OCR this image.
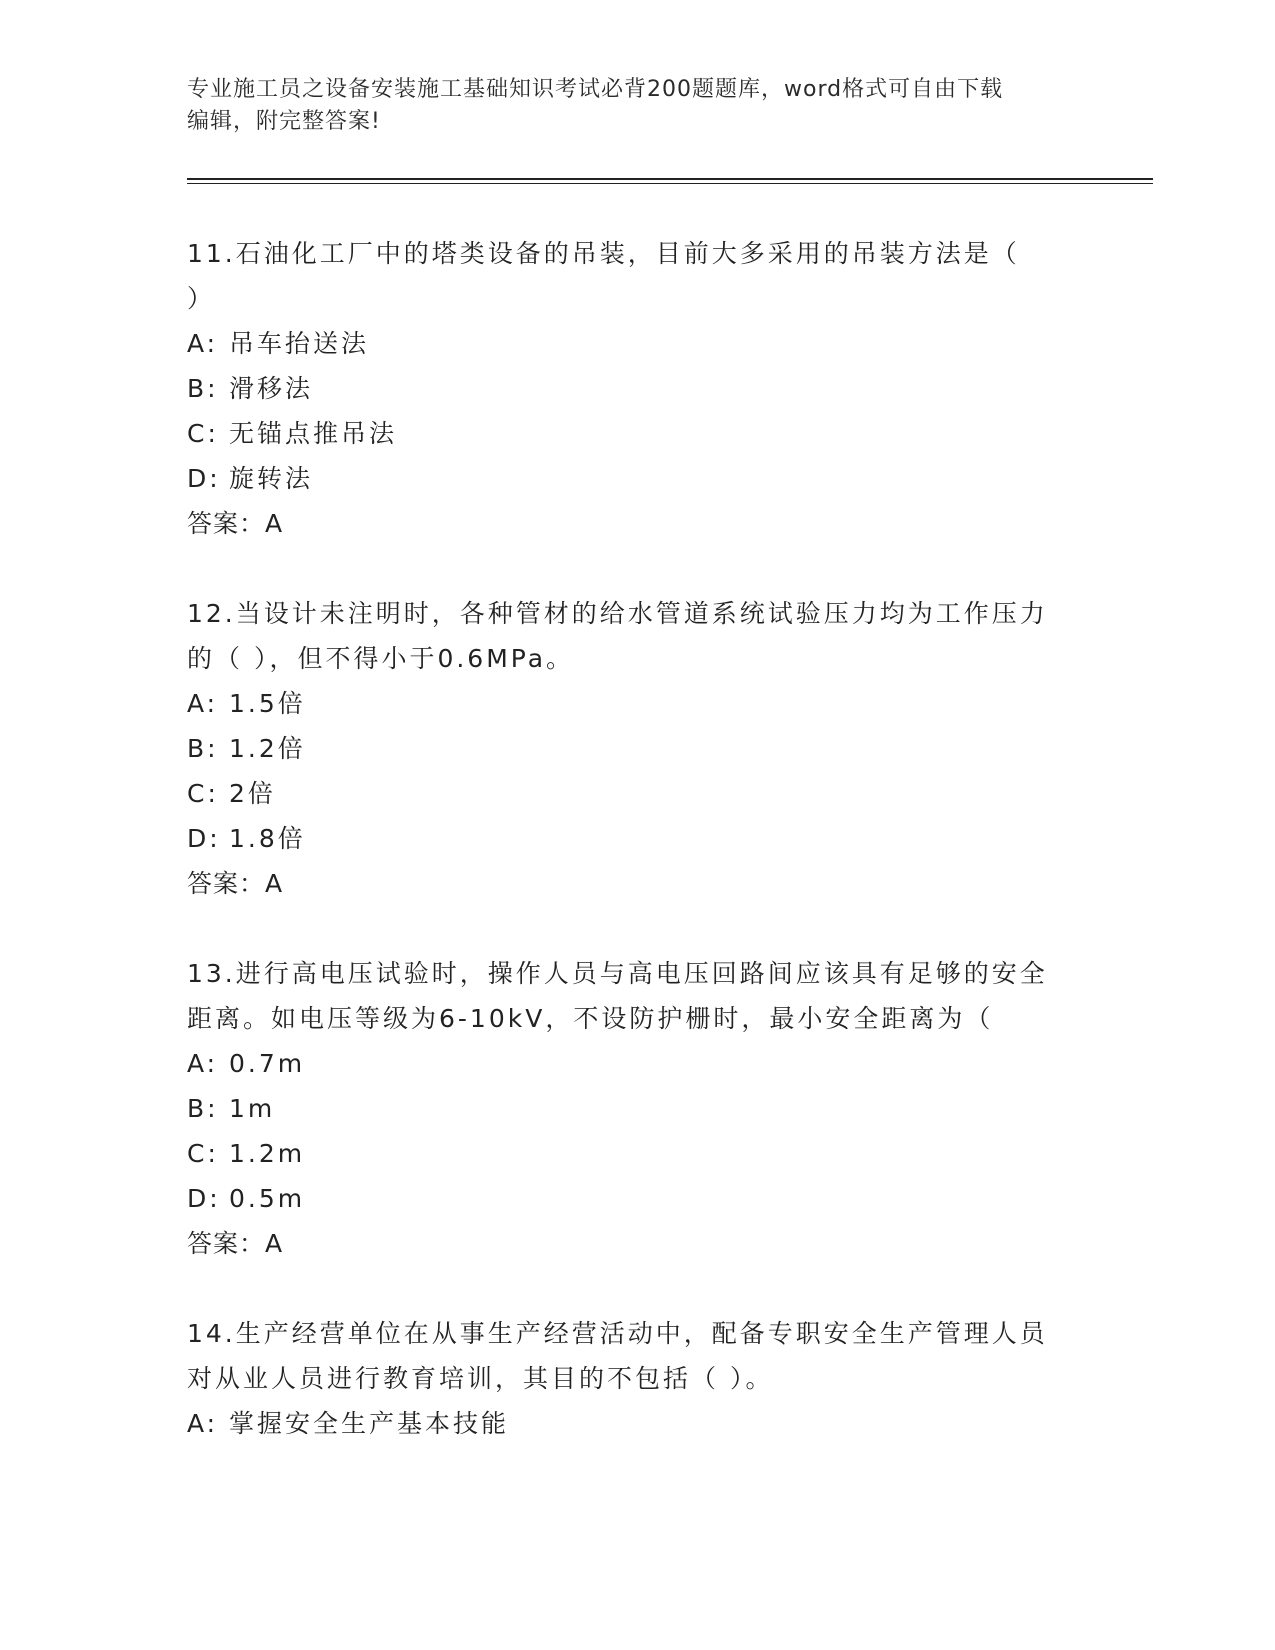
专业施工员之设备安装施工基础知识考试必背200题题库，word格式可自由下载
编辑，附完整答案!

11.石油化工厂中的塔类设备的吊装，目前大多采用的吊装方法是（

）

A: 吊车抬送法

B: 滑移法

C: 无锚点推吊法

D: 旋转法

答案：A

12.当设计未注明时，各种管材的给水管道系统试验压力均为工作压力

的（ ），但不得小于0.6MPa。

A: 1.5倍

B: 1.2倍

C: 2倍

D: 1.8倍

答案：A

13.进行高电压试验时，操作人员与高电压回路间应该具有足够的安全

距离。如电压等级为6-10kV，不设防护栅时，最小安全距离为（

A: 0.7m

B: 1m

C: 1.2m

D: 0.5m

答案：A

14.生产经营单位在从事生产经营活动中，配备专职安全生产管理人员

对从业人员进行教育培训，其目的不包括（ ）。

A: 掌握安全生产基本技能
